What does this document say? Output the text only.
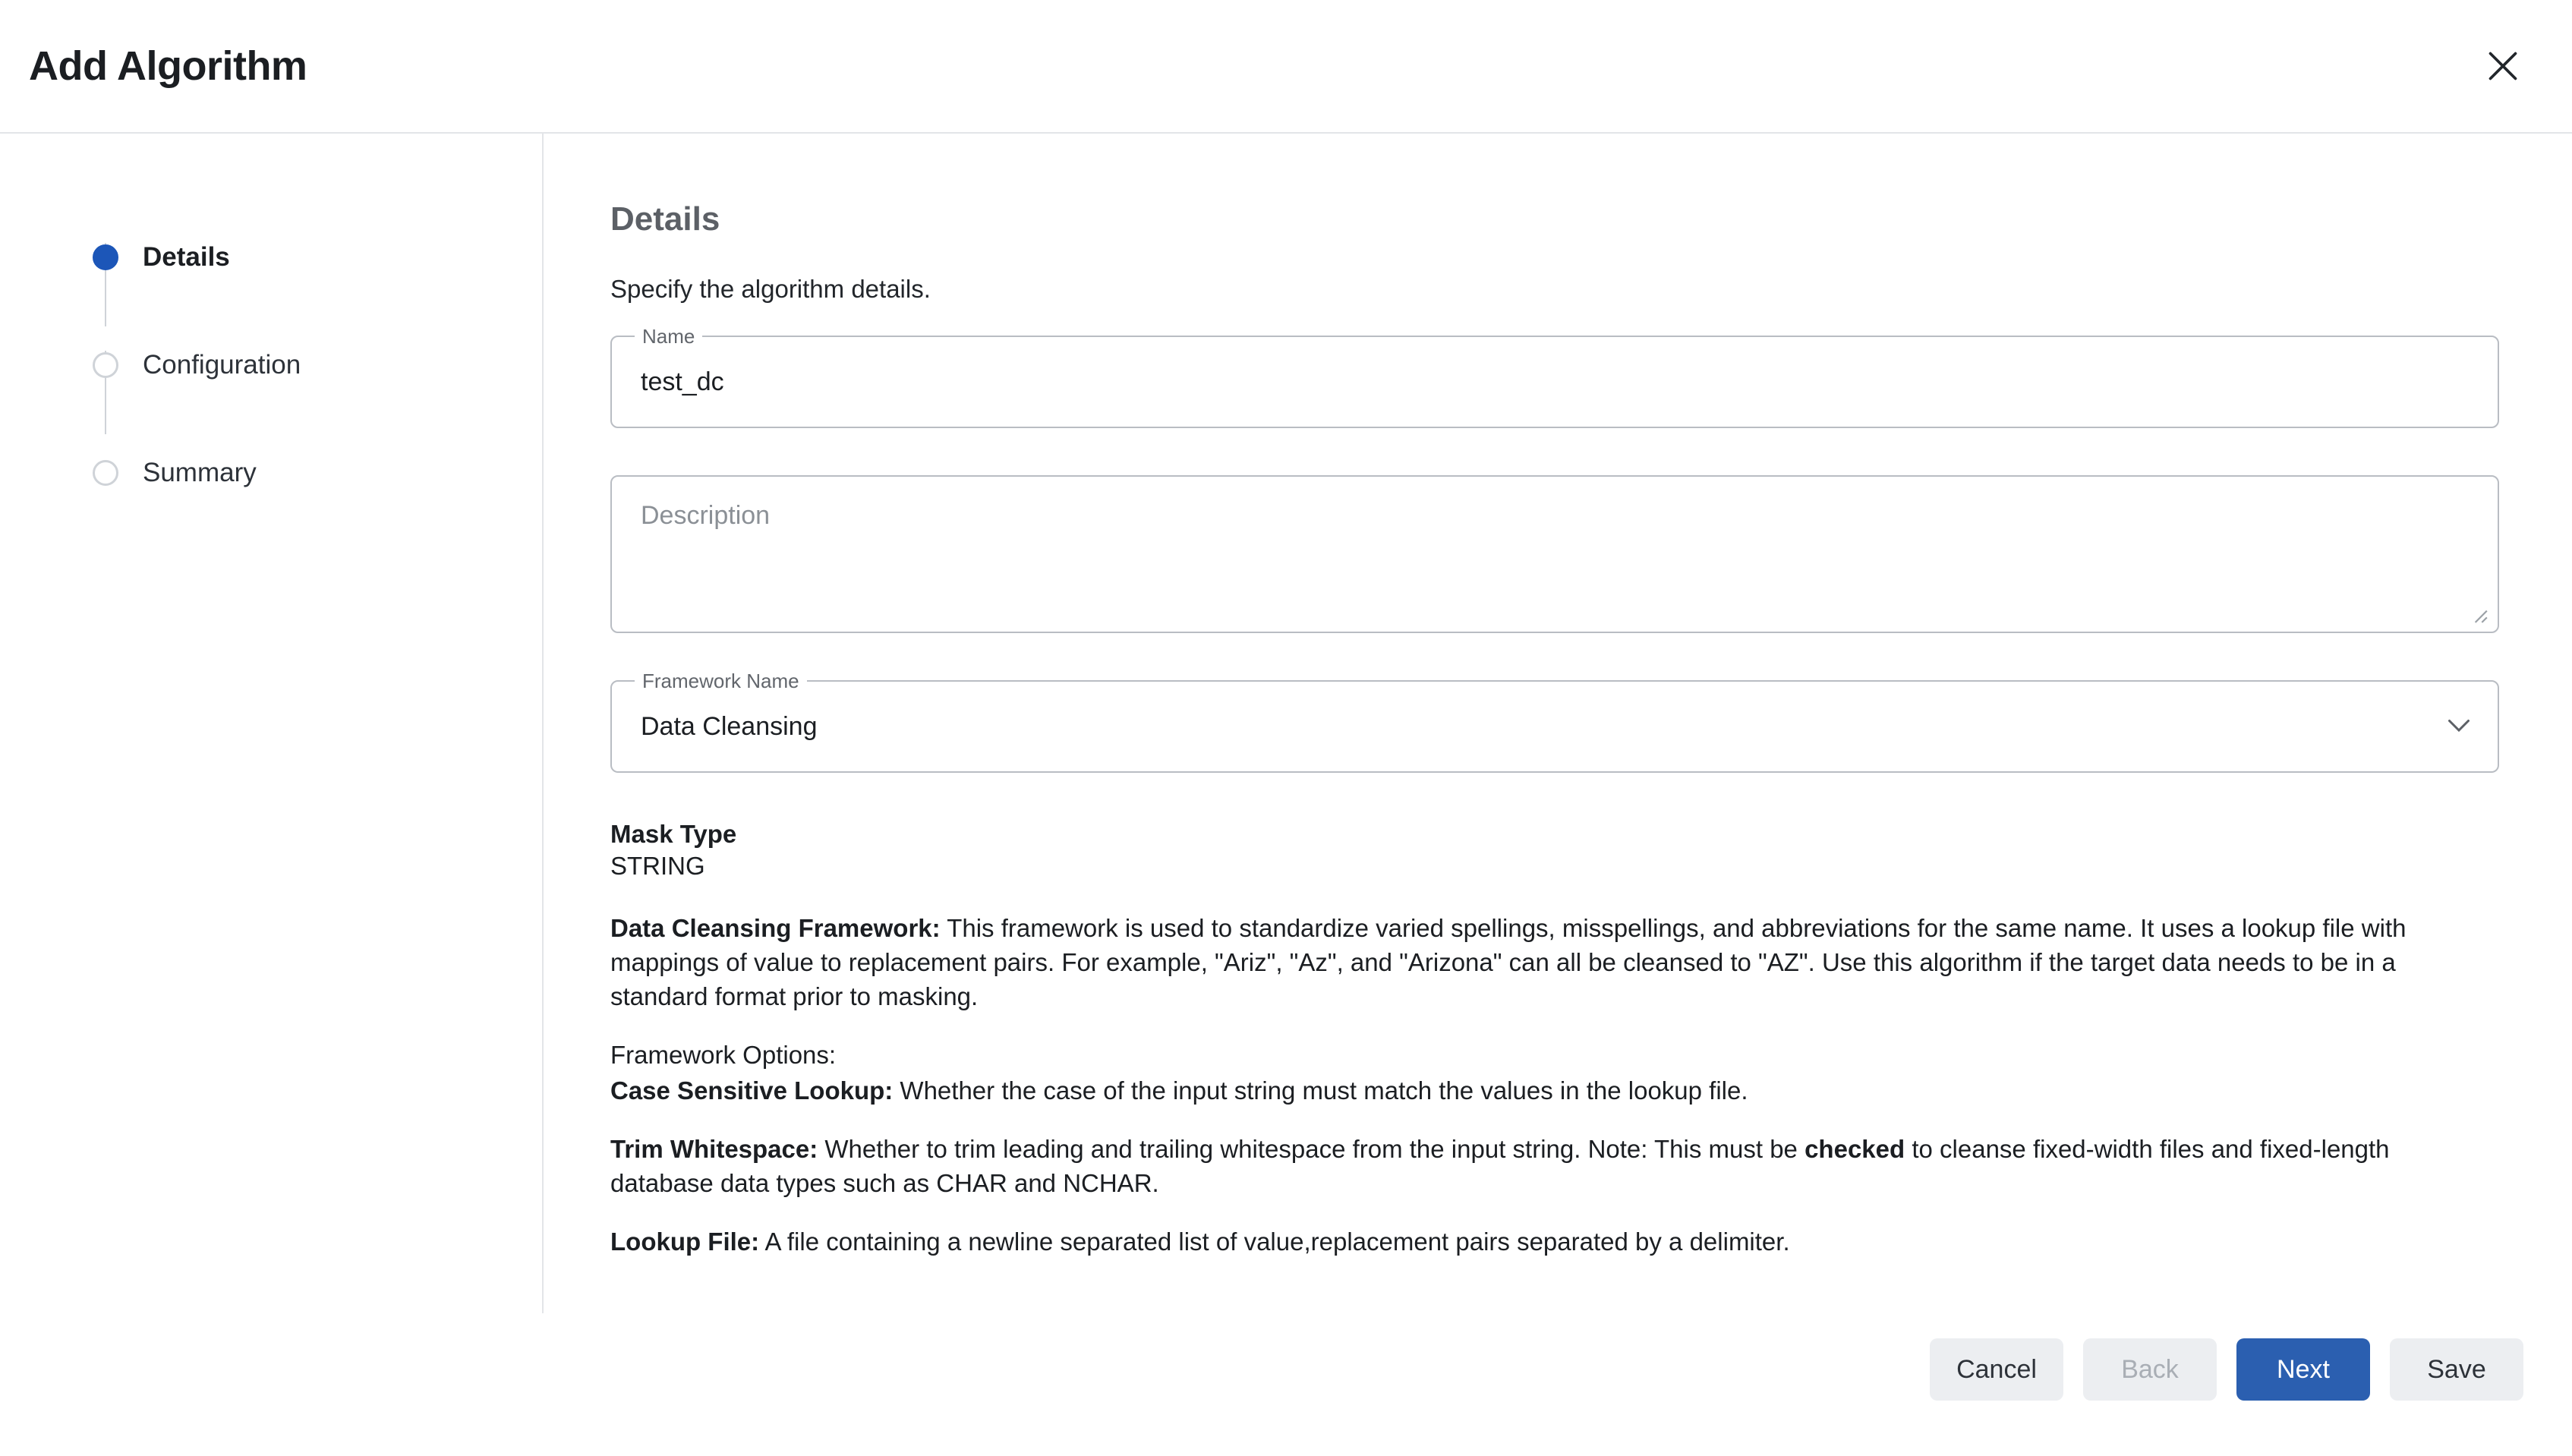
Add Algorithm
Details
Configuration
Summary
Details
Specify the algorithm details.
Name
test_dc
Description
Framework Name
Data Cleansing
Mask Type
STRING

Data Cleansing Framework: This framework is used to standardize varied spellings, misspellings, and abbreviations for the same name. It uses a lookup file with mappings of value to replacement pairs. For example, "Ariz", "Az", and "Arizona" can all be cleansed to "AZ". Use this algorithm if the target data needs to be in a standard format prior to masking.

Framework Options:

Case Sensitive Lookup: Whether the case of the input string must match the values in the lookup file.

Trim Whitespace: Whether to trim leading and trailing whitespace from the input string. Note: This must be checked to cleanse fixed-width files and fixed-length database data types such as CHAR and NCHAR.

Lookup File: A file containing a newline separated list of value,replacement pairs separated by a delimiter.

Cancel	Back	Next	Save
